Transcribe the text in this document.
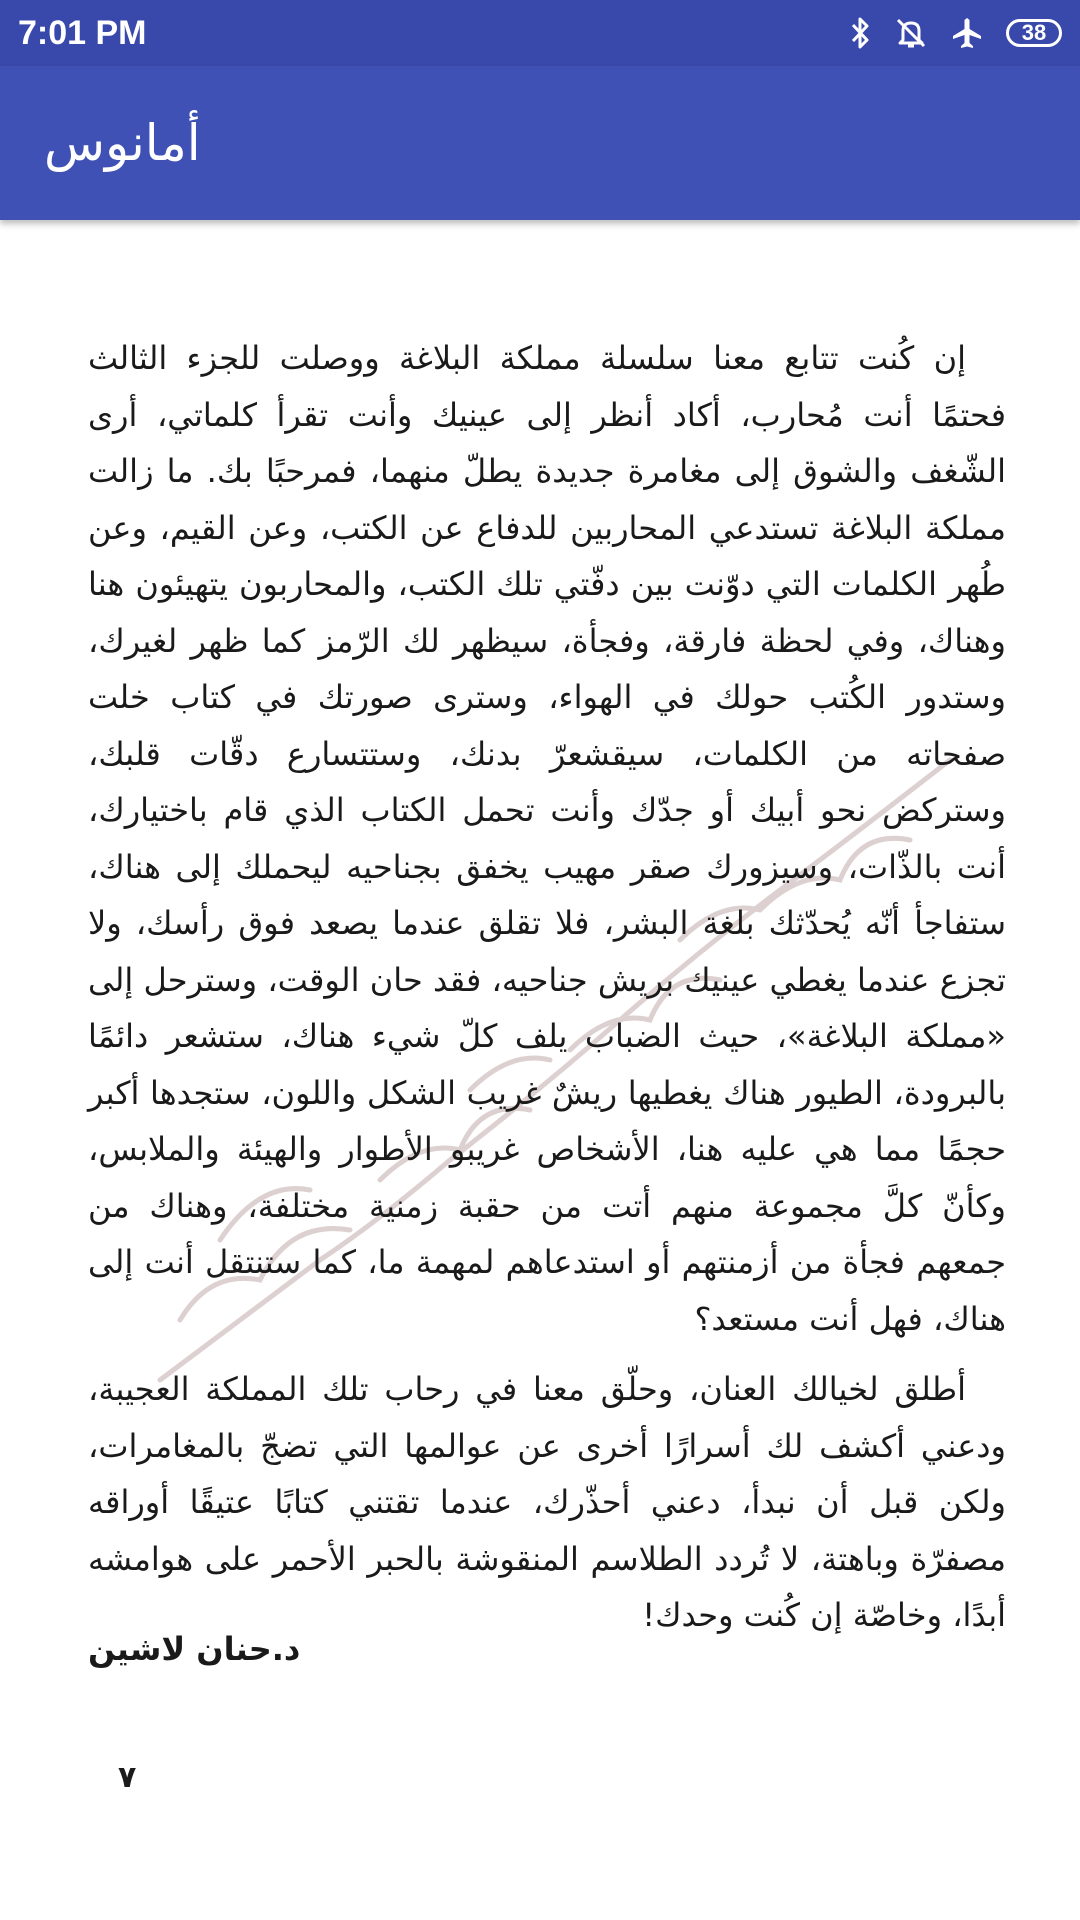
7:01 PM	38
أمانوس

إن كُنت تتابع معنا سلسلة مملكة البلاغة ووصلت للجزء الثالث فحتمًا أنت مُحارب، أكاد أنظر إلى عينيك وأنت تقرأ كلماتي، أرى الشّغف والشوق إلى مغامرة جديدة يطلّ منهما، فمرحبًا بك. ما زالت مملكة البلاغة تستدعي المحاربين للدفاع عن الكتب، وعن القيم، وعن طُهر الكلمات التي دوّنت بين دفّتي تلك الكتب، والمحاربون يتهيئون هنا وهناك، وفي لحظة فارقة، وفجأة، سيظهر لك الرّمز كما ظهر لغيرك، وستدور الكُتب حولك في الهواء، وسترى صورتك في كتاب خلت صفحاته من الكلمات، سيقشعرّ بدنك، وستتسارع دقّات قلبك، وستركض نحو أبيك أو جدّك وأنت تحمل الكتاب الذي قام باختيارك، أنت بالذّات، وسيزورك صقر مهيب يخفق بجناحيه ليحملك إلى هناك، ستفاجأ أنّه يُحدّثك بلغة البشر، فلا تقلق عندما يصعد فوق رأسك، ولا تجزع عندما يغطي عينيك بريش جناحيه، فقد حان الوقت، وسترحل إلى «مملكة البلاغة»، حيث الضباب يلف كلّ شيء هناك، ستشعر دائمًا بالبرودة، الطيور هناك يغطيها ريشٌ غريب الشكل واللون، ستجدها أكبر حجمًا مما هي عليه هنا، الأشخاص غريبو الأطوار والهيئة والملابس، وكأنّ كلَّ مجموعة منهم أتت من حقبة زمنية مختلفة، وهناك من جمعهم فجأة من أزمنتهم أو استدعاهم لمهمة ما، كما ستنتقل أنت إلى هناك، فهل أنت مستعد؟

أطلق لخيالك العنان، وحلّق معنا في رحاب تلك المملكة العجيبة، ودعني أكشف لك أسرارًا أخرى عن عوالمها التي تضجّ بالمغامرات، ولكن قبل أن نبدأ، دعني أحذّرك، عندما تقتني كتابًا عتيقًا أوراقه مصفرّة وباهتة، لا تُردد الطلاسم المنقوشة بالحبر الأحمر على هوامشه أبدًا، وخاصّة إن كُنت وحدك!

د.حنان لاشين
٧
